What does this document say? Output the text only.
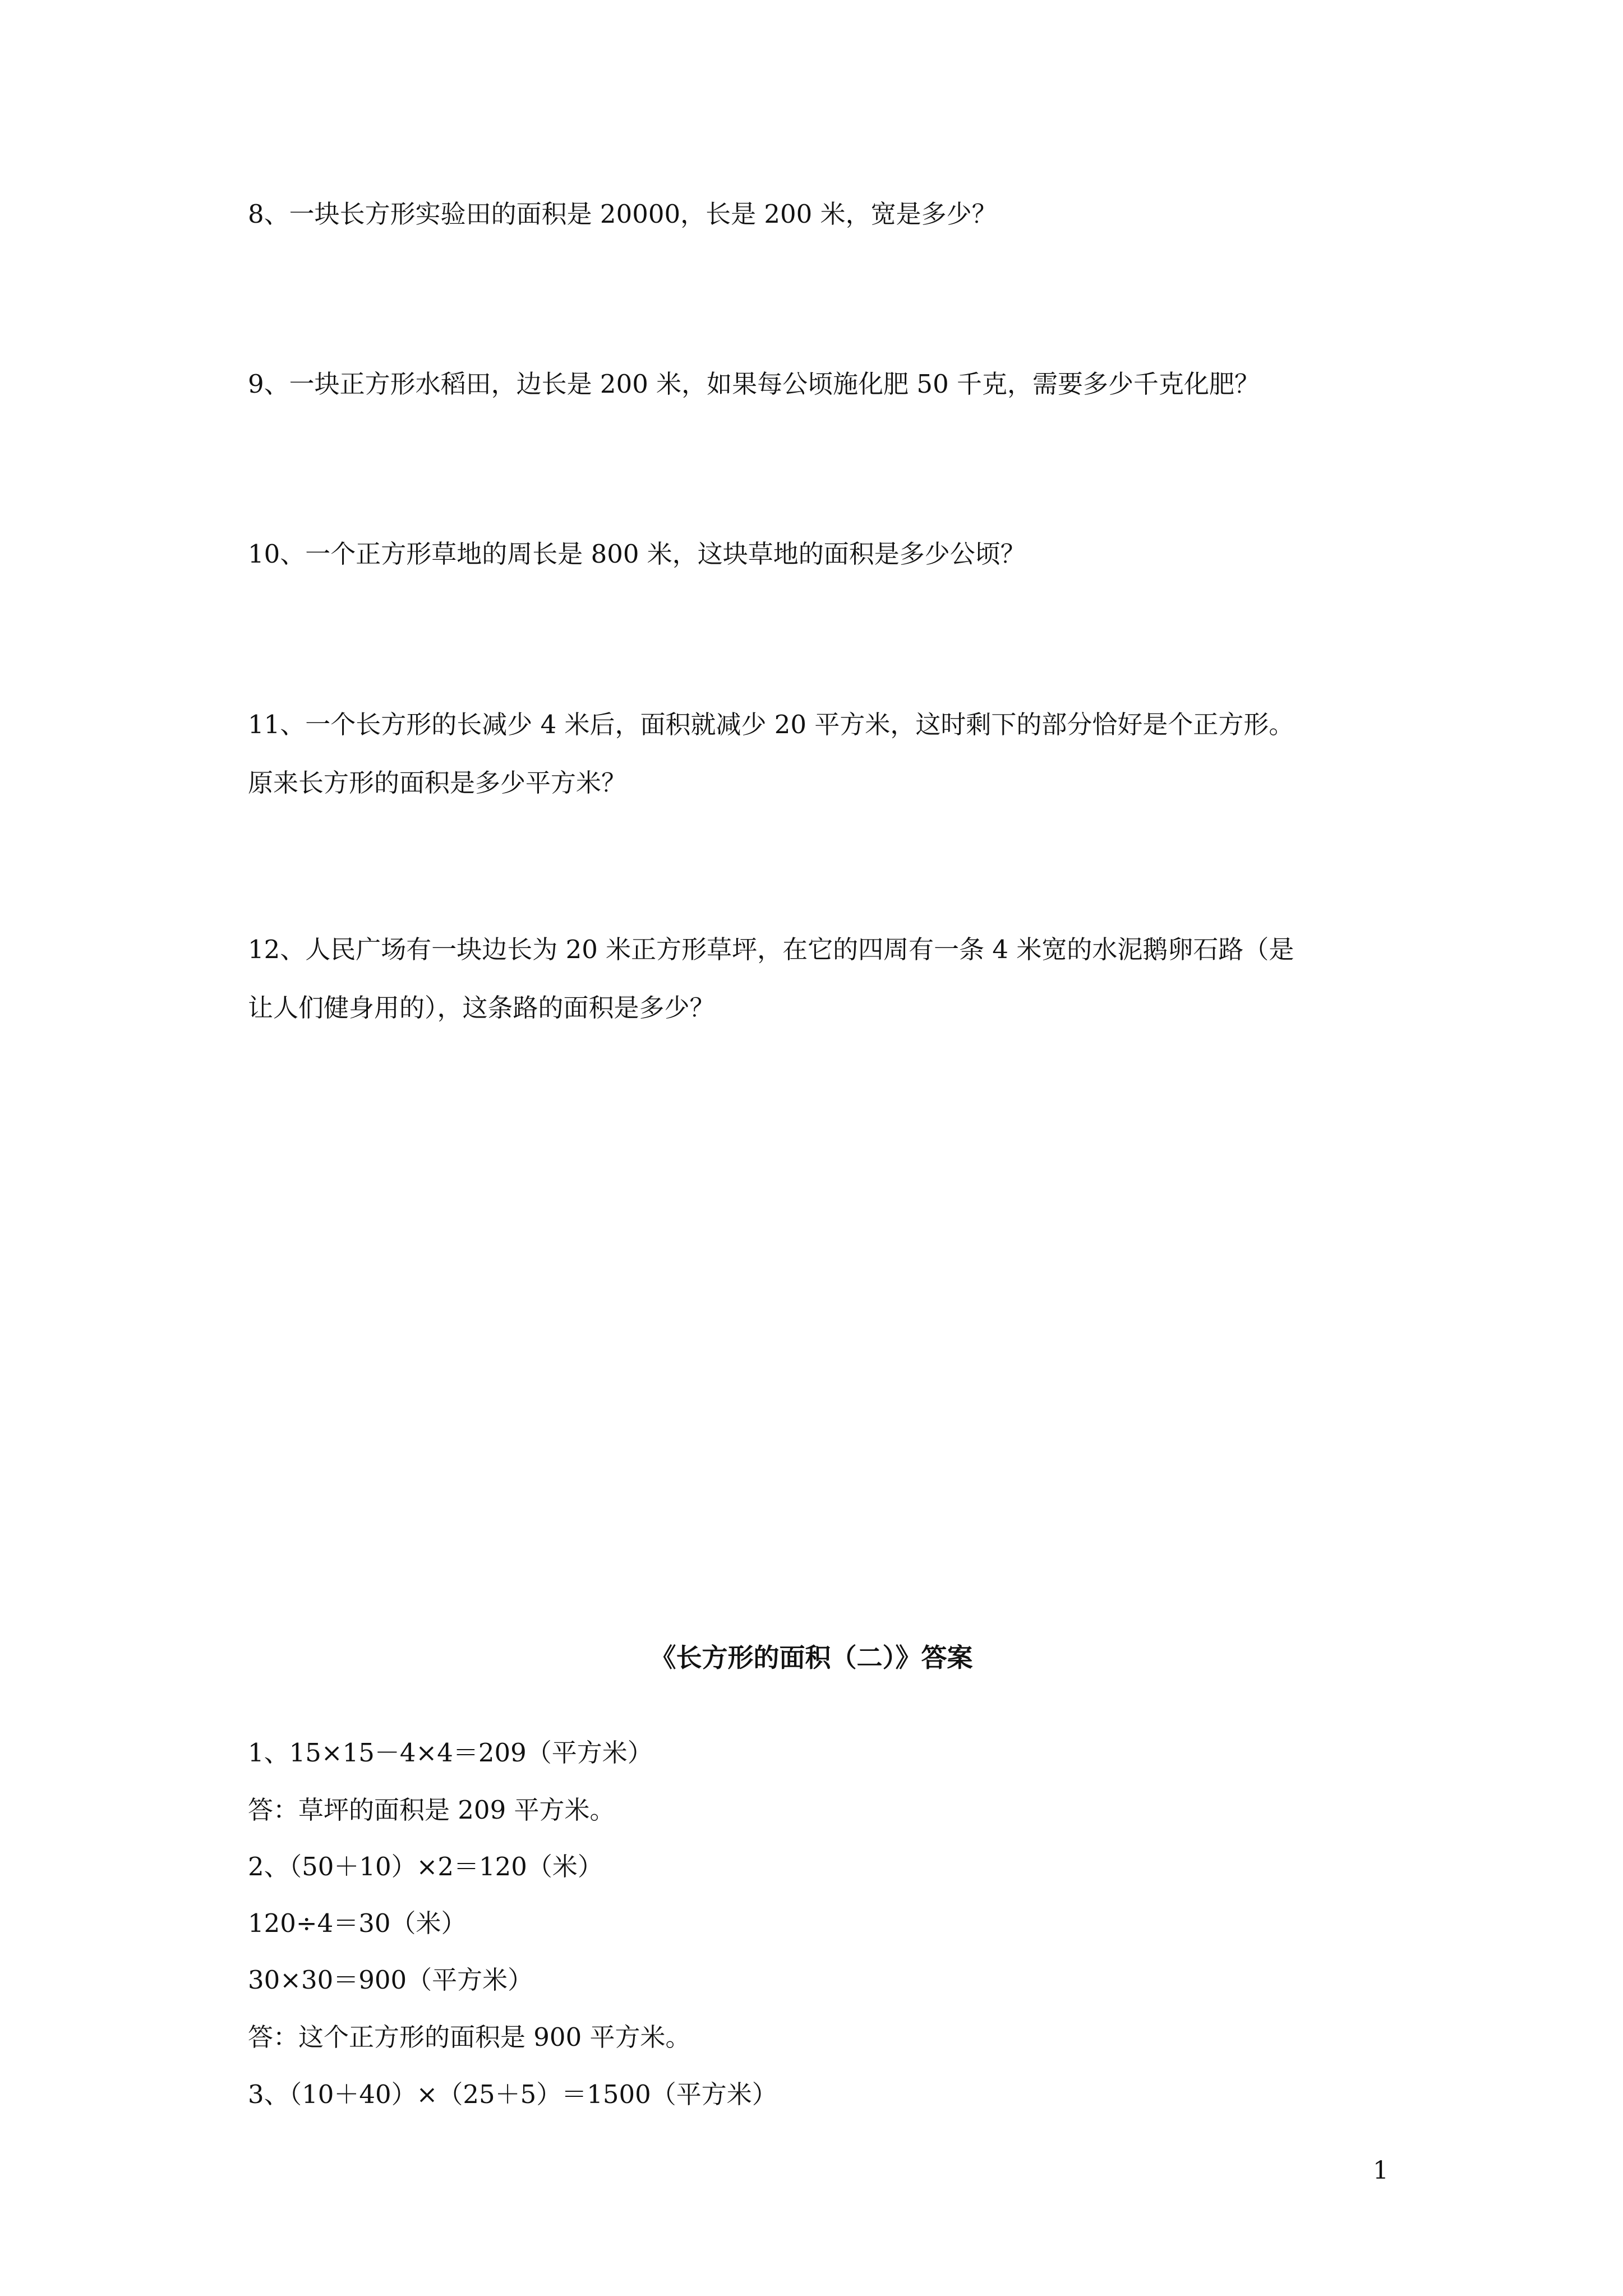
8、一块长方形实验田的面积是 20000，长是 200 米，宽是多少？

9、一块正方形水稻田，边长是 200 米，如果每公顷施化肥 50 千克，需要多少千克化肥？

10、一个正方形草地的周长是 800 米，这块草地的面积是多少公顷？

11、一个长方形的长减少 4 米后，面积就减少 20 平方米，这时剩下的部分恰好是个正方形。

原来长方形的面积是多少平方米？

12、人民广场有一块边长为 20 米正方形草坪，在它的四周有一条 4 米宽的水泥鹅卵石路（是

让人们健身用的），这条路的面积是多少？

《长方形的面积（二）》答案

1、15×15－4×4＝209（平方米）

答：草坪的面积是 209 平方米。

2、（50＋10）×2＝120（米）

120÷4＝30（米）

30×30＝900（平方米）

答：这个正方形的面积是 900 平方米。

3、（10＋40）×（25＋5）＝1500（平方米）

1
